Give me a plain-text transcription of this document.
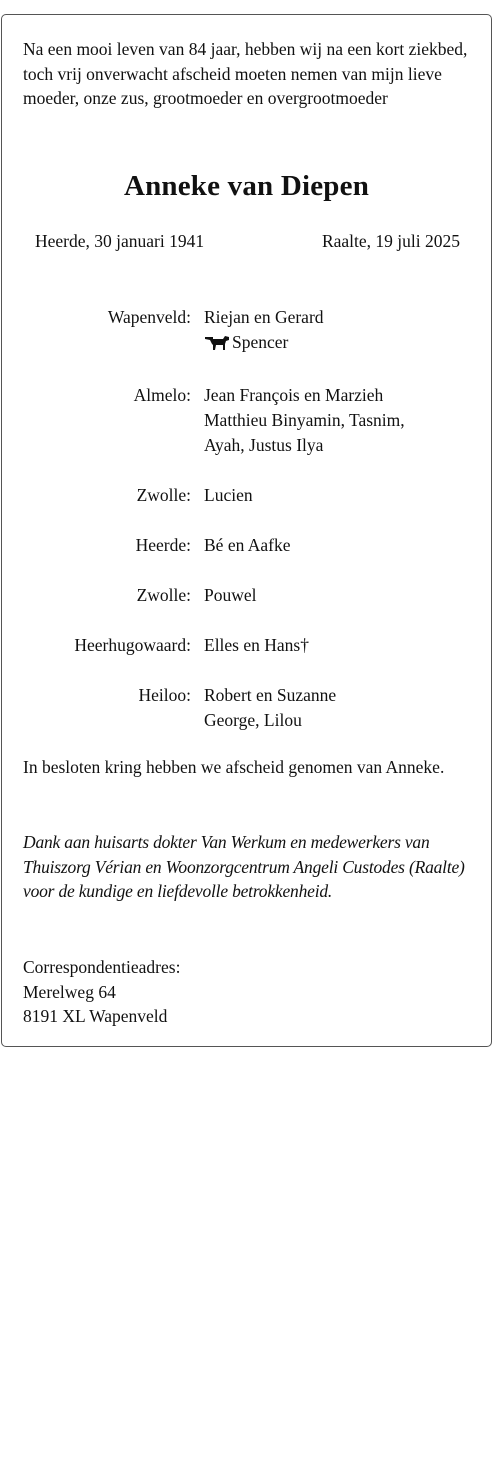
Na een mooi leven van 84 jaar, hebben wij na een kort ziekbed, toch vrij onverwacht afscheid moeten nemen van mijn lieve moeder, onze zus, grootmoeder en overgrootmoeder

Anneke van Diepen
Heerde, 30 januari 1941	Raalte, 19 juli 2025
Wapenveld: Riejan en Gerard
Spencer
Almelo: Jean François en Marzieh
Matthieu Binyamin, Tasnim,
Ayah, Justus Ilya
Zwolle: Lucien
Heerde: Bé en Aafke
Zwolle: Pouwel
Heerhugowaard: Elles en Hans†
Heiloo: Robert en Suzanne
George, Lilou

In besloten kring hebben we afscheid genomen van Anneke.

Dank aan huisarts dokter Van Werkum en medewerkers van Thuiszorg Vérian en Woonzorgcentrum Angeli Custodes (Raalte) voor de kundige en liefdevolle betrokkenheid.

Correspondentieadres:
Merelweg 64
8191 XL Wapenveld
